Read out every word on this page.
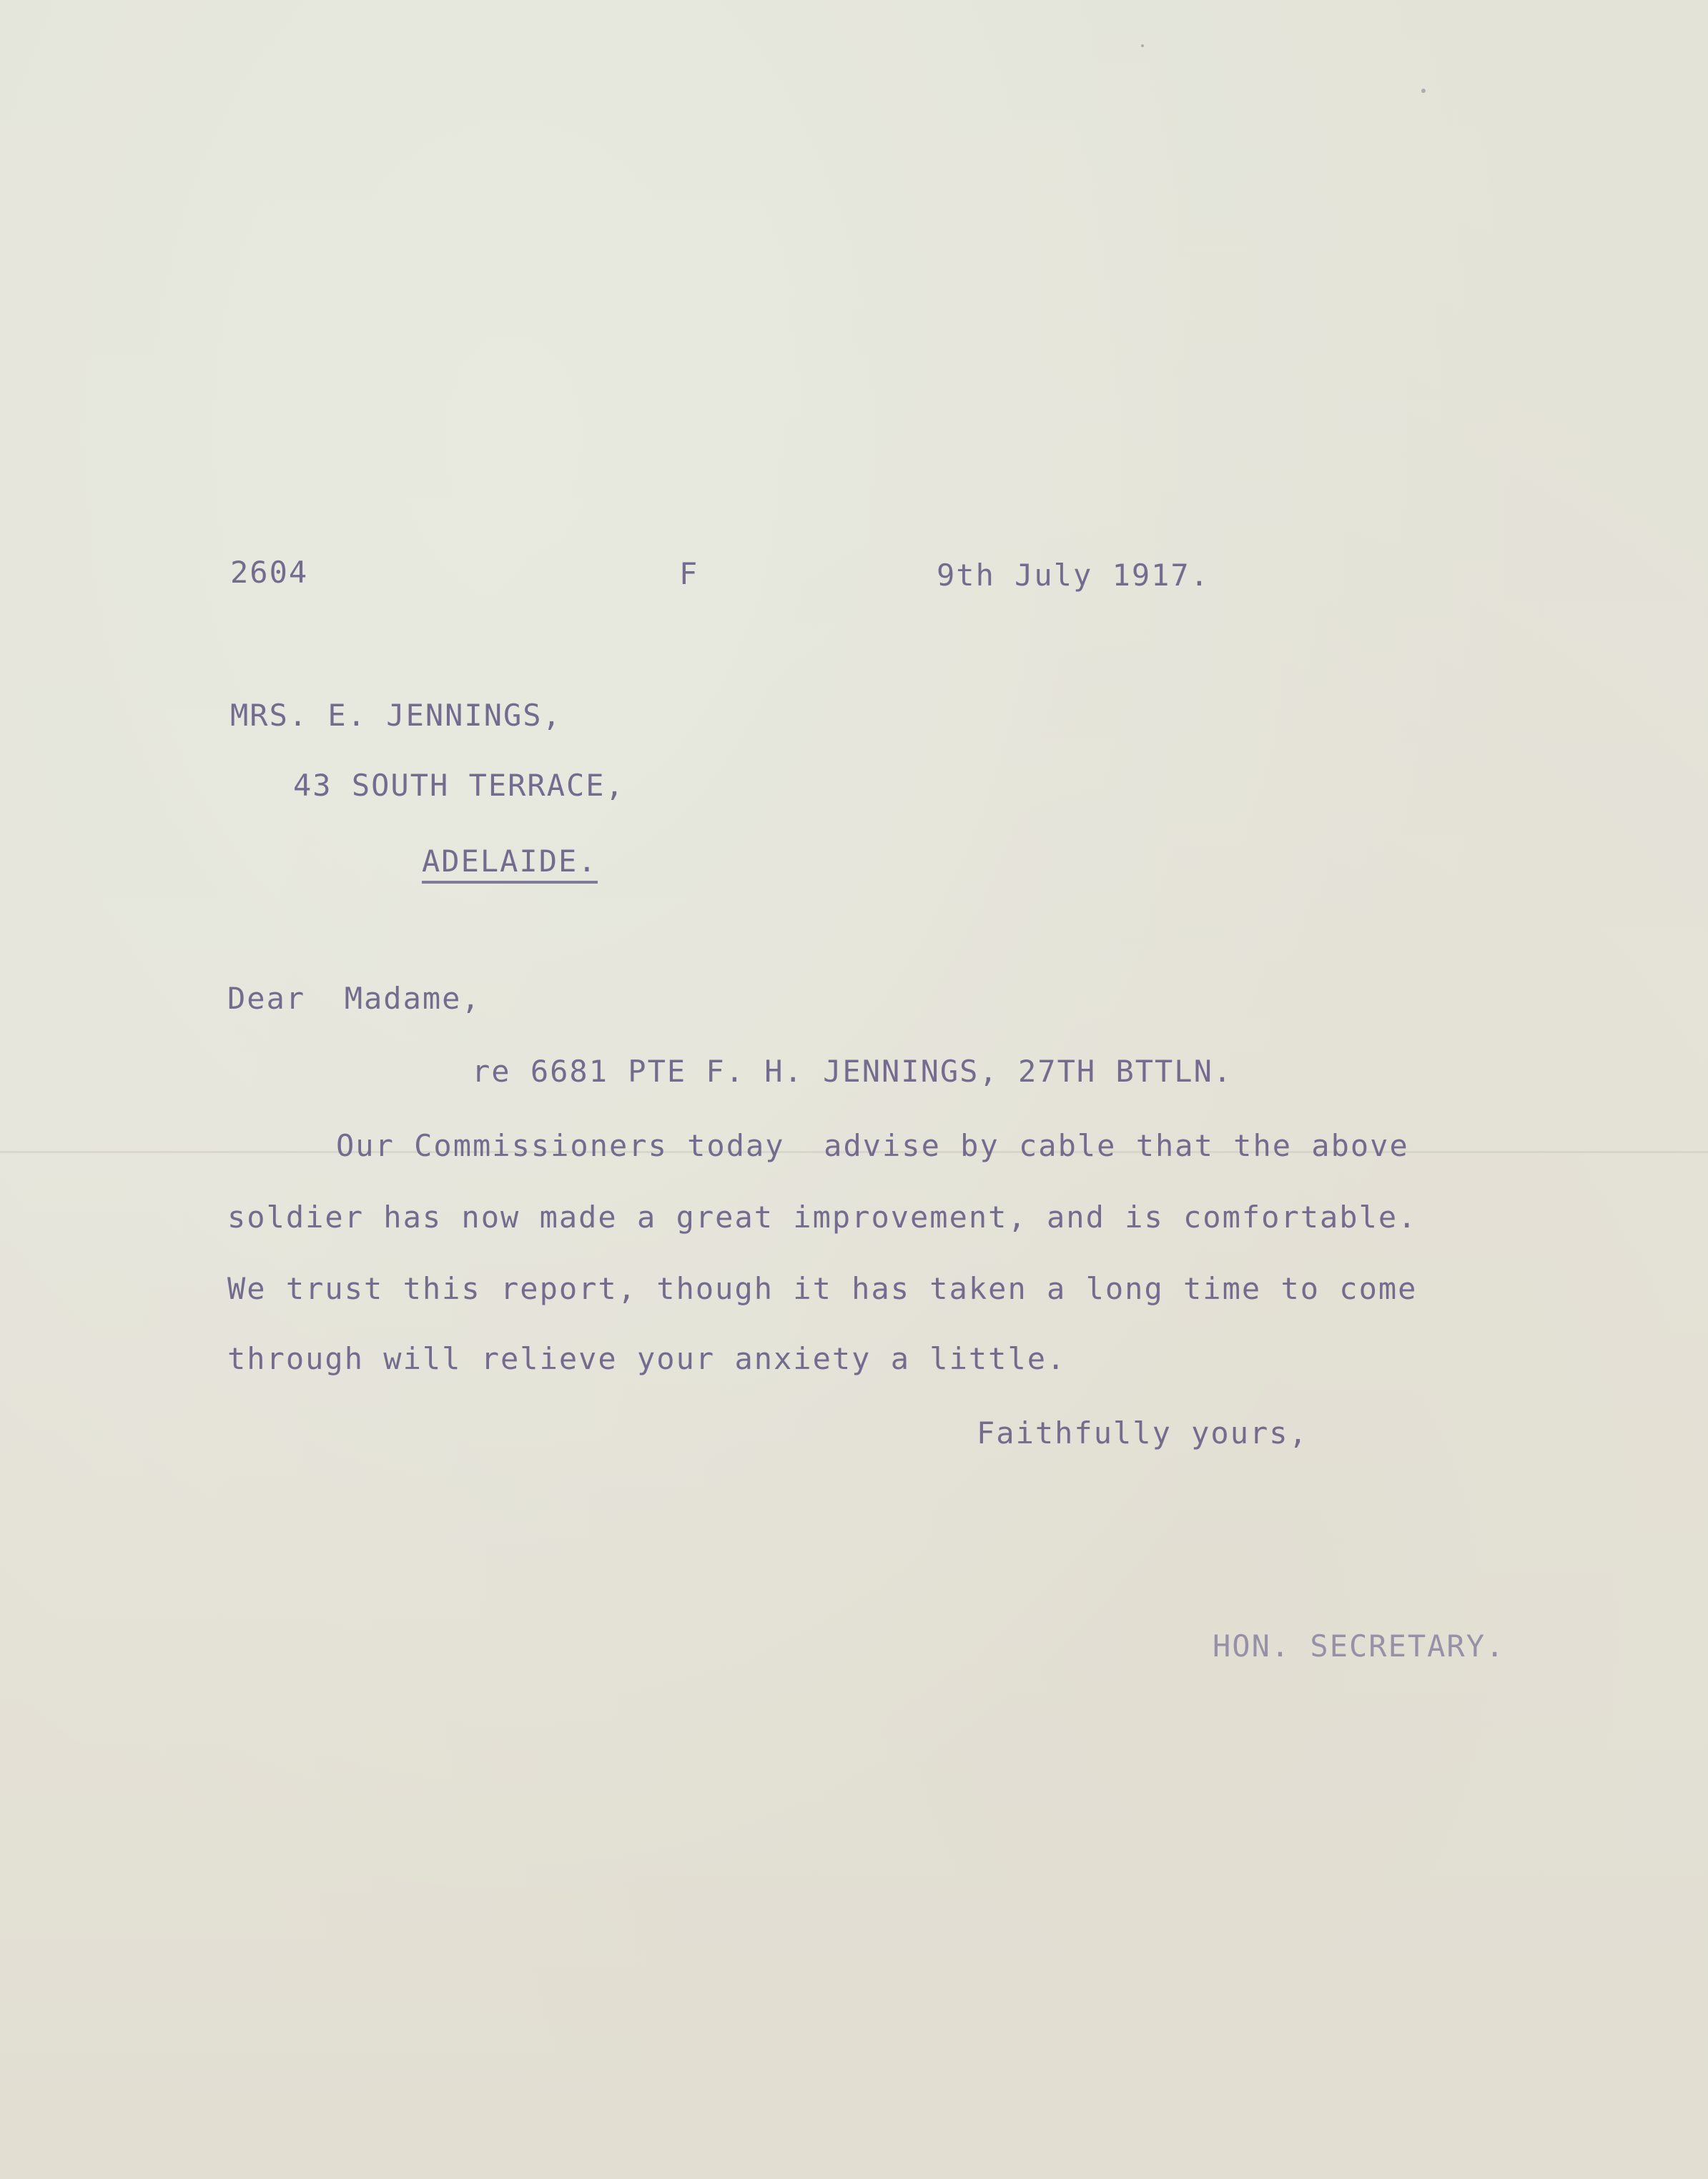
2604	F	9th July 1917.
MRS. E. JENNINGS,
43 SOUTH TERRACE,
ADELAIDE.
Dear  Madame,
re 6681 PTE F. H. JENNINGS, 27TH BTTLN.
Our Commissioners today  advise by cable that the above
soldier has now made a great improvement, and is comfortable.
We trust this report, though it has taken a long time to come
through will relieve your anxiety a little.
Faithfully yours,
HON. SECRETARY.
